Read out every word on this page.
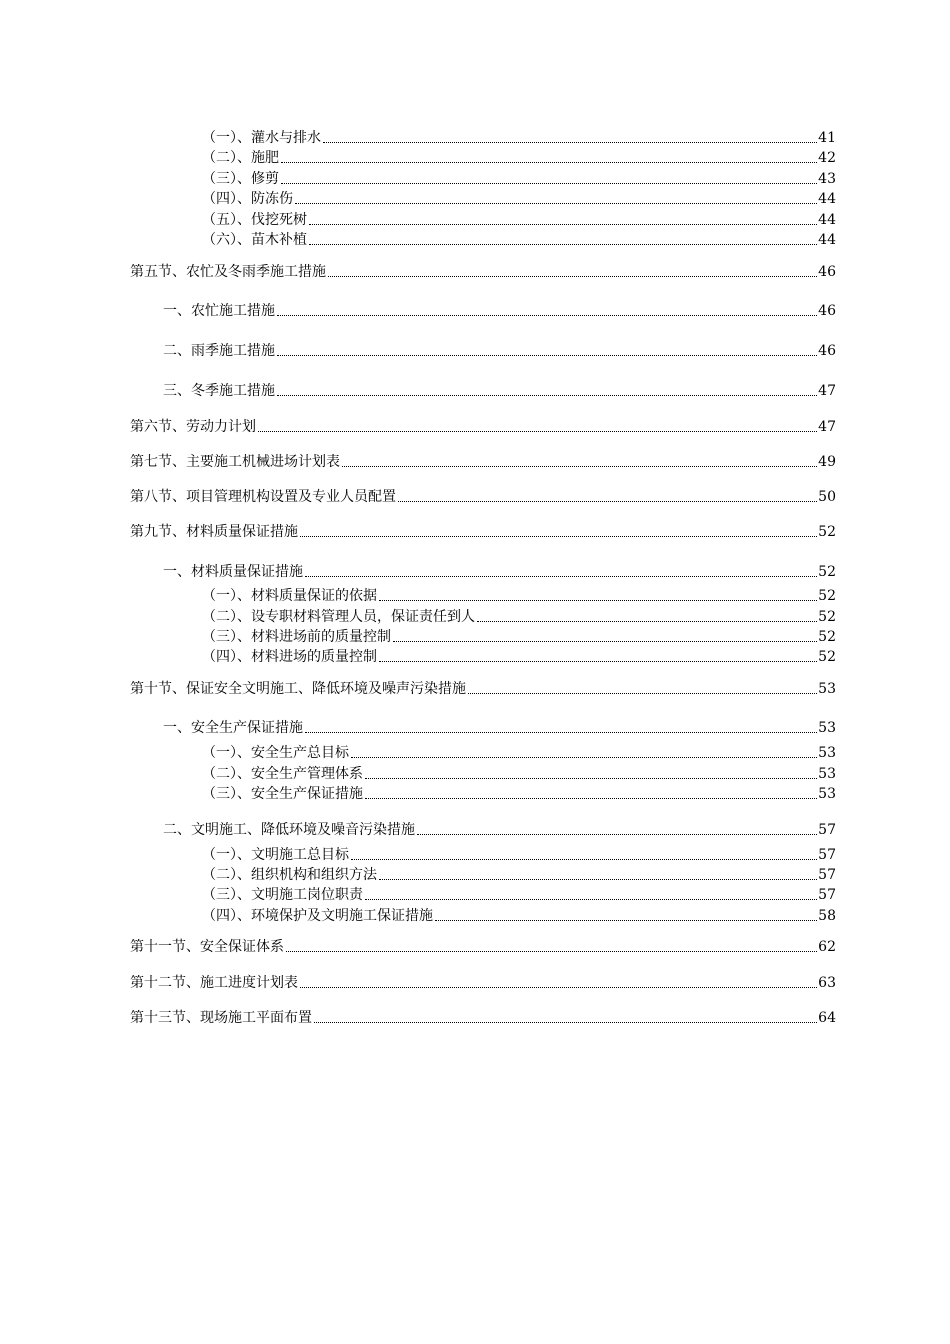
（一）、灌水与排水	41
（二）、施肥	42
（三）、修剪	43
（四）、防冻伤	44
（五）、伐挖死树	44
（六）、苗木补植	44
第五节、农忙及冬雨季施工措施	46
一、农忙施工措施	46
二、雨季施工措施	46
三、冬季施工措施	47
第六节、劳动力计划	47
第七节、主要施工机械进场计划表	49
第八节、项目管理机构设置及专业人员配置	50
第九节、材料质量保证措施	52
一、材料质量保证措施	52
（一）、材料质量保证的依据	52
（二）、设专职材料管理人员，保证责任到人	52
（三）、材料进场前的质量控制	52
（四）、材料进场的质量控制	52
第十节、保证安全文明施工、降低环境及噪声污染措施	53
一、安全生产保证措施	53
（一）、安全生产总目标	53
（二）、安全生产管理体系	53
（三）、安全生产保证措施	53
二、文明施工、降低环境及噪音污染措施	57
（一）、文明施工总目标	57
（二）、组织机构和组织方法	57
（三）、文明施工岗位职责	57
（四）、环境保护及文明施工保证措施	58
第十一节、安全保证体系	62
第十二节、施工进度计划表	63
第十三节、现场施工平面布置	64
